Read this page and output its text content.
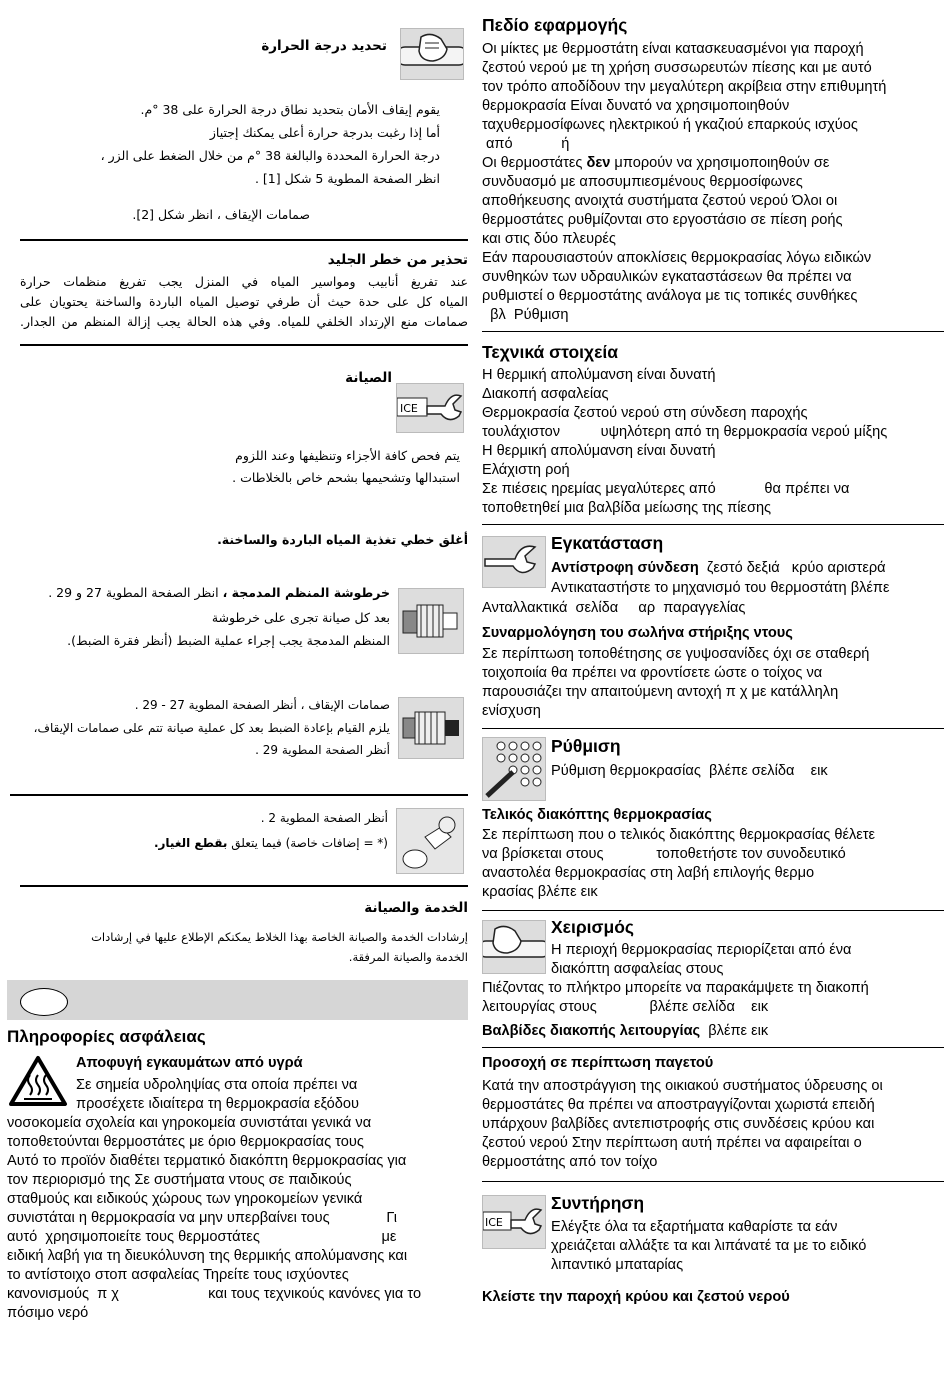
تحديد درجة الحرارة

يقوم إيقاف الأمان بتحديد نطاق درجة الحرارة على 38 °م.

أما إذا رغبت بدرجة حرارة أعلى يمكنك إجتياز

درجة الحرارة المحددة والبالغة 38 °م من خلال الضغط على الزر ،

انظر الصفحة المطوية 5 شكل [1] .

صمامات الإيقاف ، انظر شكل [2].
تحذير من خطر الجليد

عند تفريغ أنابيب ومواسير المياه في المنزل يجب تفريغ منظمات حرارة

المياه كل على حدة حيث أن طرفي توصيل المياه الباردة والساخنة يحتويان على

صمامات منع الإرتداد الخلفي للمياه. وفي هذه الحالة يجب إزالة المنظم من الجدار.

ICE
الصيانة

يتم فحص كافة الأجزاء وتنظيفها وعند اللزوم

استبدالها وتشحيمها بشحم خاص بالخلاطات .

أغلق خطي تغذية المياه الباردة والساخنة.
خرطوشة المنظم المدمجة ، انظر الصفحة المطوية 27 و 29 .

بعد كل صيانة تجرى على خرطوشة

المنظم المدمجة يجب إجراء عملية الضبط (أنظر فقرة الضبط).

صمامات الإيقاف ، أنظر الصفحة المطوية 27 - 29 .

يلزم القيام بإعادة الضبط بعد كل عملية صيانة تتم على صمامات الإيقاف،

أنظر الصفحة المطوية 29 .

أنظر الصفحة المطوية 2 .

(* = إضافات خاصة) فيما يتعلق بقطع الغيار.

الخدمة والصيانة

إرشادات الخدمة والصيانة الخاصة بهذا الخلاط يمكنكم الإطلاع عليها في إرشادات

الخدمة والصيانة المرفقة.

Πληροφορίες ασφάλειας
Αποφυγή εγκαυμάτων από υγρά

Σε σημεία υδροληψίας στα οποία πρέπει να

προσέχετε ιδιαίτερα τη θερμοκρασία εξόδου

νοσοκομεία σχολεία και γηροκομεία συνιστάται γενικά να

τοποθετούνται θερμοστάτες με όριο θερμοκρασίας τους

Αυτό το προϊόν διαθέτει τερματικό διακόπτη θερμοκρασίας για

τον περιορισμό της Σε συστήματα ντους σε παιδικούς

σταθμούς και ειδικούς χώρους των γηροκομείων γενικά

συνιστάται η θερμοκρασία να μην υπερβαίνει τους              Γι

αυτό  χρησιμοποιείτε τους θερμοστάτες                              με

ειδική λαβή για τη διευκόλυνση της θερμικής απολύμανσης και

το αντίστοιχο στοπ ασφαλείας Τηρείτε τους ισχύοντες

κανονισμούς  π χ                      και τους τεχνικούς κανόνες για το

πόσιμο νερό

Πεδίο εφαρμογής

Οι μίκτες με θερμοστάτη είναι κατασκευασμένοι για παροχή

ζεστού νερού με τη χρήση συσσωρευτών πίεσης και με αυτό

τον τρόπο αποδίδουν την μεγαλύτερη ακρίβεια στην επιθυμητή

θερμοκρασία Είναι δυνατό να χρησιμοποιηθούν

ταχυθερμοσίφωνες ηλεκτρικού ή γκαζιού επαρκούς ισχύος

από            ή

Οι θερμοστάτες δεν μπορούν να χρησιμοποιηθούν σε

συνδυασμό με αποσυμπιεσμένους θερμοσίφωνες

αποθήκευσης ανοιχτά συστήματα ζεστού νερού Όλοι οι

θερμοστάτες ρυθμίζονται στο εργοστάσιο σε πίεση ροής

και στις δύο πλευρές

Εάν παρουσιαστούν αποκλίσεις θερμοκρασίας λόγω ειδικών

συνθηκών των υδραυλικών εγκαταστάσεων θα πρέπει να

ρυθμιστεί ο θερμοστάτης ανάλογα με τις τοπικές συνθήκες

βλ  Ρύθμιση

Τεχνικά στοιχεία

Η θερμική απολύμανση είναι δυνατή

Διακοπή ασφαλείας

Θερμοκρασία ζεστού νερού στη σύνδεση παροχής

τουλάχιστον          υψηλότερη από τη θερμοκρασία νερού μίξης

Η θερμική απολύμανση είναι δυνατή

Ελάχιστη ροή

Σε πιέσεις ηρεμίας μεγαλύτερες από            θα πρέπει να

τοποθετηθεί μια βαλβίδα μείωσης της πίεσης

Εγκατάσταση
Αντίστροφη σύνδεση  ζεστό δεξιά   κρύο αριστερά
Αντικαταστήστε το μηχανισμό του θερμοστάτη βλέπε
Ανταλλακτικά  σελίδα     αρ  παραγγελίας
Συναρμολόγηση του σωλήνα στήριξης ντους

Σε περίπτωση τοποθέτησης σε γυψοσανίδες όχι σε σταθερή

τοιχοποιία θα πρέπει να φροντίσετε ώστε ο τοίχος να

παρουσιάζει την απαιτούμενη αντοχή π χ με κατάλληλη

ενίσχυση

Ρύθμιση
Ρύθμιση θερμοκρασίας  βλέπε σελίδα    εικ
Τελικός διακόπτης θερμοκρασίας

Σε περίπτωση που ο τελικός διακόπτης θερμοκρασίας θέλετε

να βρίσκεται στους             τοποθετήστε τον συνοδευτικό

αναστολέα θερμοκρασίας στη λαβή επιλογής θερμο

κρασίας βλέπε εικ

Χειρισμός

Η περιοχή θερμοκρασίας περιορίζεται από ένα

διακόπτη ασφαλείας στους

Πιέζοντας το πλήκτρο μπορείτε να παρακάμψετε τη διακοπή

λειτουργίας στους             βλέπε σελίδα    εικ

Βαλβίδες διακοπής λειτουργίας  βλέπε εικ
Προσοχή σε περίπτωση παγετού

Κατά την αποστράγγιση της οικιακού συστήματος ύδρευσης οι

θερμοστάτες θα πρέπει να αποστραγγίζονται χωριστά επειδή

υπάρχουν βαλβίδες αντεπιστροφής στις συνδέσεις κρύου και

ζεστού νερού Στην περίπτωση αυτή πρέπει να αφαιρείται ο

θερμοστάτης από τον τοίχο

ICE
Συντήρηση

Ελέγξτε όλα τα εξαρτήματα καθαρίστε τα εάν

χρειάζεται αλλάξτε τα και λιπάνατέ τα με το ειδικό

λιπαντικό μπαταρίας

Κλείστε την παροχή κρύου και ζεστού νερού
